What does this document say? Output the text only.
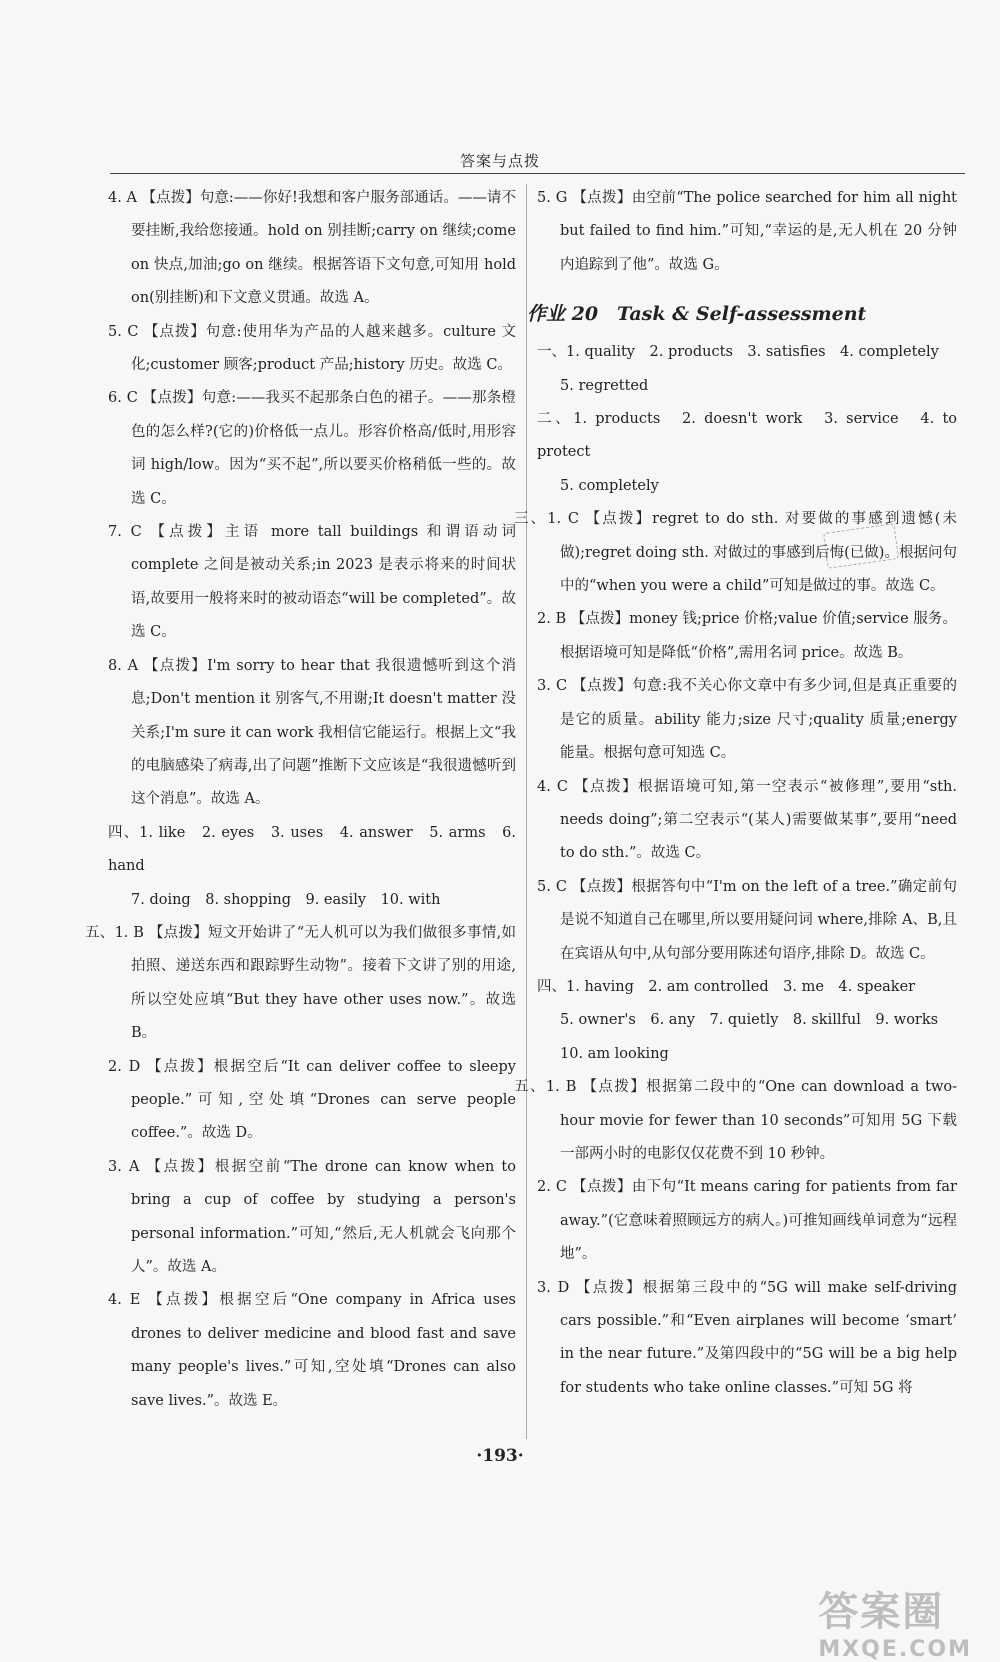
答案与点拨
4. A 【点拨】句意:——你好!我想和客户服务部通话。——请不要挂断,我给您接通。hold on 别挂断;carry on 继续;come on 快点,加油;go on 继续。根据答语下文句意,可知用 hold on(别挂断)和下文意义贯通。故选 A。
5. C 【点拨】句意:使用华为产品的人越来越多。culture 文化;customer 顾客;product 产品;history 历史。故选 C。
6. C 【点拨】句意:——我买不起那条白色的裙子。——那条橙色的怎么样?(它的)价格低一点儿。形容价格高/低时,用形容词 high/low。因为“买不起”,所以要买价格稍低一些的。故选 C。
7. C 【点拨】主语 more tall buildings 和谓语动词 complete 之间是被动关系;in 2023 是表示将来的时间状语,故要用一般将来时的被动语态“will be completed”。故选 C。
8. A 【点拨】I'm sorry to hear that 我很遗憾听到这个消息;Don't mention it 别客气,不用谢;It doesn't matter 没关系;I'm sure it can work 我相信它能运行。根据上文“我的电脑感染了病毒,出了问题”推断下文应该是“我很遗憾听到这个消息”。故选 A。
四、1. like　2. eyes　3. uses　4. answer　5. arms　6. hand
7. doing　8. shopping　9. easily　10. with
五、1. B 【点拨】短文开始讲了“无人机可以为我们做很多事情,如拍照、递送东西和跟踪野生动物”。接着下文讲了别的用途,所以空处应填“But they have other uses now.”。故选 B。
2. D 【点拨】根据空后“It can deliver coffee to sleepy people.”可知,空处填“Drones can serve people coffee.”。故选 D。
3. A 【点拨】根据空前“The drone can know when to bring a cup of coffee by studying a person's personal information.”可知,“然后,无人机就会飞向那个人”。故选 A。
4. E 【点拨】根据空后“One company in Africa uses drones to deliver medicine and blood fast and save many people's lives.”可知,空处填“Drones can also save lives.”。故选 E。
5. G 【点拨】由空前“The police searched for him all night but failed to find him.”可知,“幸运的是,无人机在 20 分钟内追踪到了他”。故选 G。
作业 20　Task & Self-assessment
一、1. quality　2. products　3. satisfies　4. completely
5. regretted
二、1. products　2. doesn't work　3. service　4. to protect
5. completely
三、1. C 【点拨】regret to do sth. 对要做的事感到遗憾(未做);regret doing sth. 对做过的事感到后悔(已做)。根据问句中的“when you were a child”可知是做过的事。故选 C。
2. B 【点拨】money 钱;price 价格;value 价值;service 服务。根据语境可知是降低“价格”,需用名词 price。故选 B。
3. C 【点拨】句意:我不关心你文章中有多少词,但是真正重要的是它的质量。ability 能力;size 尺寸;quality 质量;energy 能量。根据句意可知选 C。
4. C 【点拨】根据语境可知,第一空表示“被修理”,要用“sth. needs doing”;第二空表示“(某人)需要做某事”,要用“need to do sth.”。故选 C。
5. C 【点拨】根据答句中“I'm on the left of a tree.”确定前句是说不知道自己在哪里,所以要用疑问词 where,排除 A、B,且在宾语从句中,从句部分要用陈述句语序,排除 D。故选 C。
四、1. having　2. am controlled　3. me　4. speaker
5. owner's　6. any　7. quietly　8. skillful　9. works
10. am looking
五、1. B 【点拨】根据第二段中的“One can download a two-hour movie for fewer than 10 seconds”可知用 5G 下载一部两小时的电影仅仅花费不到 10 秒钟。
2. C 【点拨】由下句“It means caring for patients from far away.”(它意味着照顾远方的病人。)可推知画线单词意为“远程地”。
3. D 【点拨】根据第三段中的“5G will make self-driving cars possible.”和“Even airplanes will become ‘smart’ in the near future.”及第四段中的“5G will be a big help for students who take online classes.”可知 5G 将
·193·
答案圈
MXQE.COM
